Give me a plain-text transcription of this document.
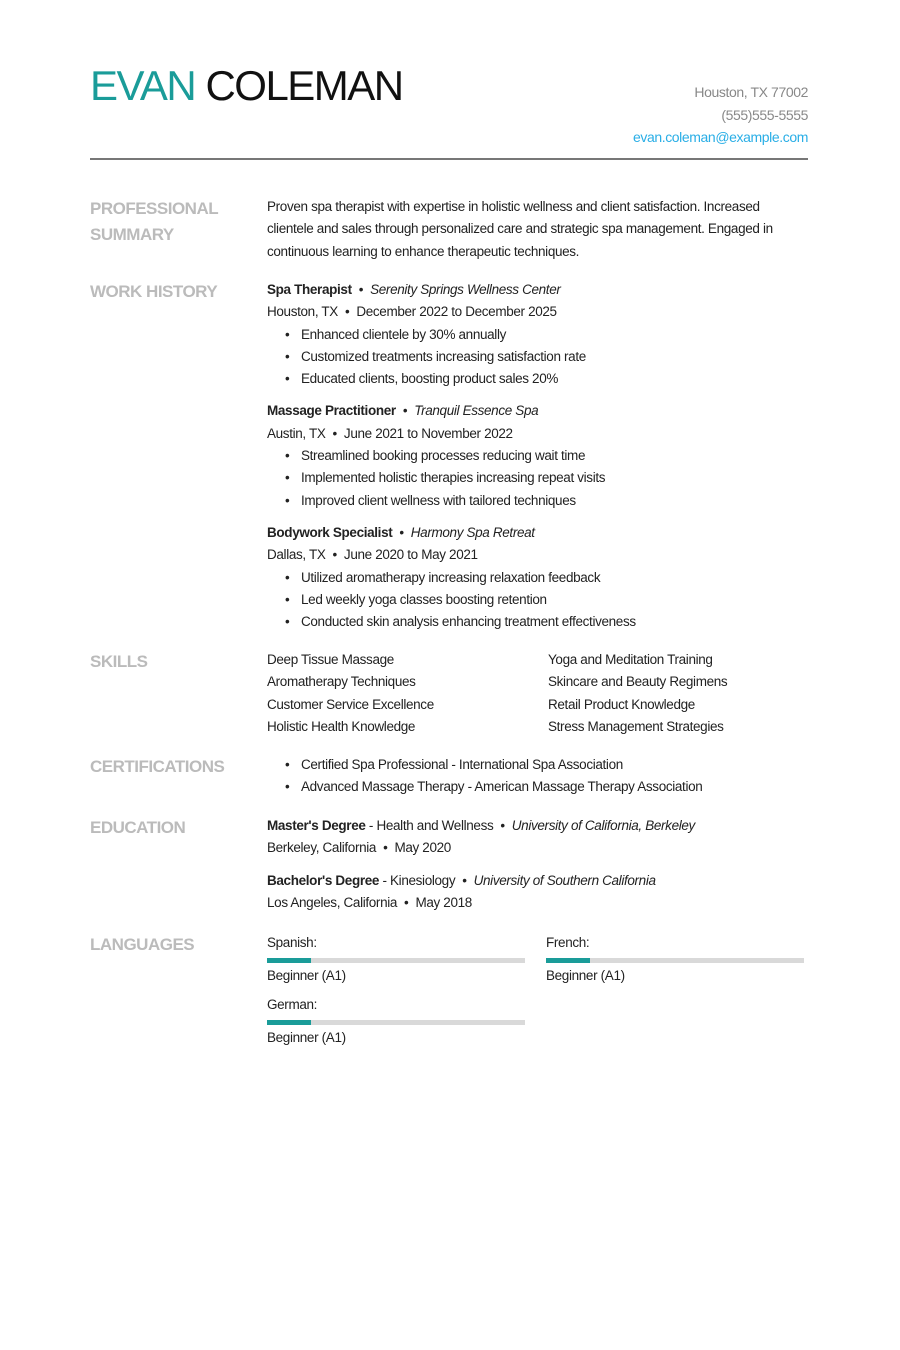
EVAN COLEMAN	Houston, TX 77002
(555)555-5555
evan.coleman@example.com
PROFESSIONAL SUMMARY
Proven spa therapist with expertise in holistic wellness and client satisfaction. Increased clientele and sales through personalized care and strategic spa management. Engaged in continuous learning to enhance therapeutic techniques.
WORK HISTORY	Spa Therapist • Serenity Springs Wellness Center
Houston, TX • December 2022 to December 2025
• Enhanced clientele by 30% annually
• Customized treatments increasing satisfaction rate
• Educated clients, boosting product sales 20%
Massage Practitioner • Tranquil Essence Spa
Austin, TX • June 2021 to November 2022
• Streamlined booking processes reducing wait time
• Implemented holistic therapies increasing repeat visits
• Improved client wellness with tailored techniques
Bodywork Specialist • Harmony Spa Retreat
Dallas, TX • June 2020 to May 2021
• Utilized aromatherapy increasing relaxation feedback
• Led weekly yoga classes boosting retention
• Conducted skin analysis enhancing treatment effectiveness
SKILLS	Deep Tissue Massage	Yoga and Meditation Training
Aromatherapy Techniques	Skincare and Beauty Regimens
Customer Service Excellence	Retail Product Knowledge
Holistic Health Knowledge	Stress Management Strategies
CERTIFICATIONS	• Certified Spa Professional - International Spa Association
• Advanced Massage Therapy - American Massage Therapy Association
EDUCATION	Master's Degree - Health and Wellness • University of California, Berkeley
Berkeley, California • May 2020
Bachelor's Degree - Kinesiology • University of Southern California
Los Angeles, California • May 2018
LANGUAGES	Spanish:
Beginner (A1)
French:
Beginner (A1)
German:
Beginner (A1)
